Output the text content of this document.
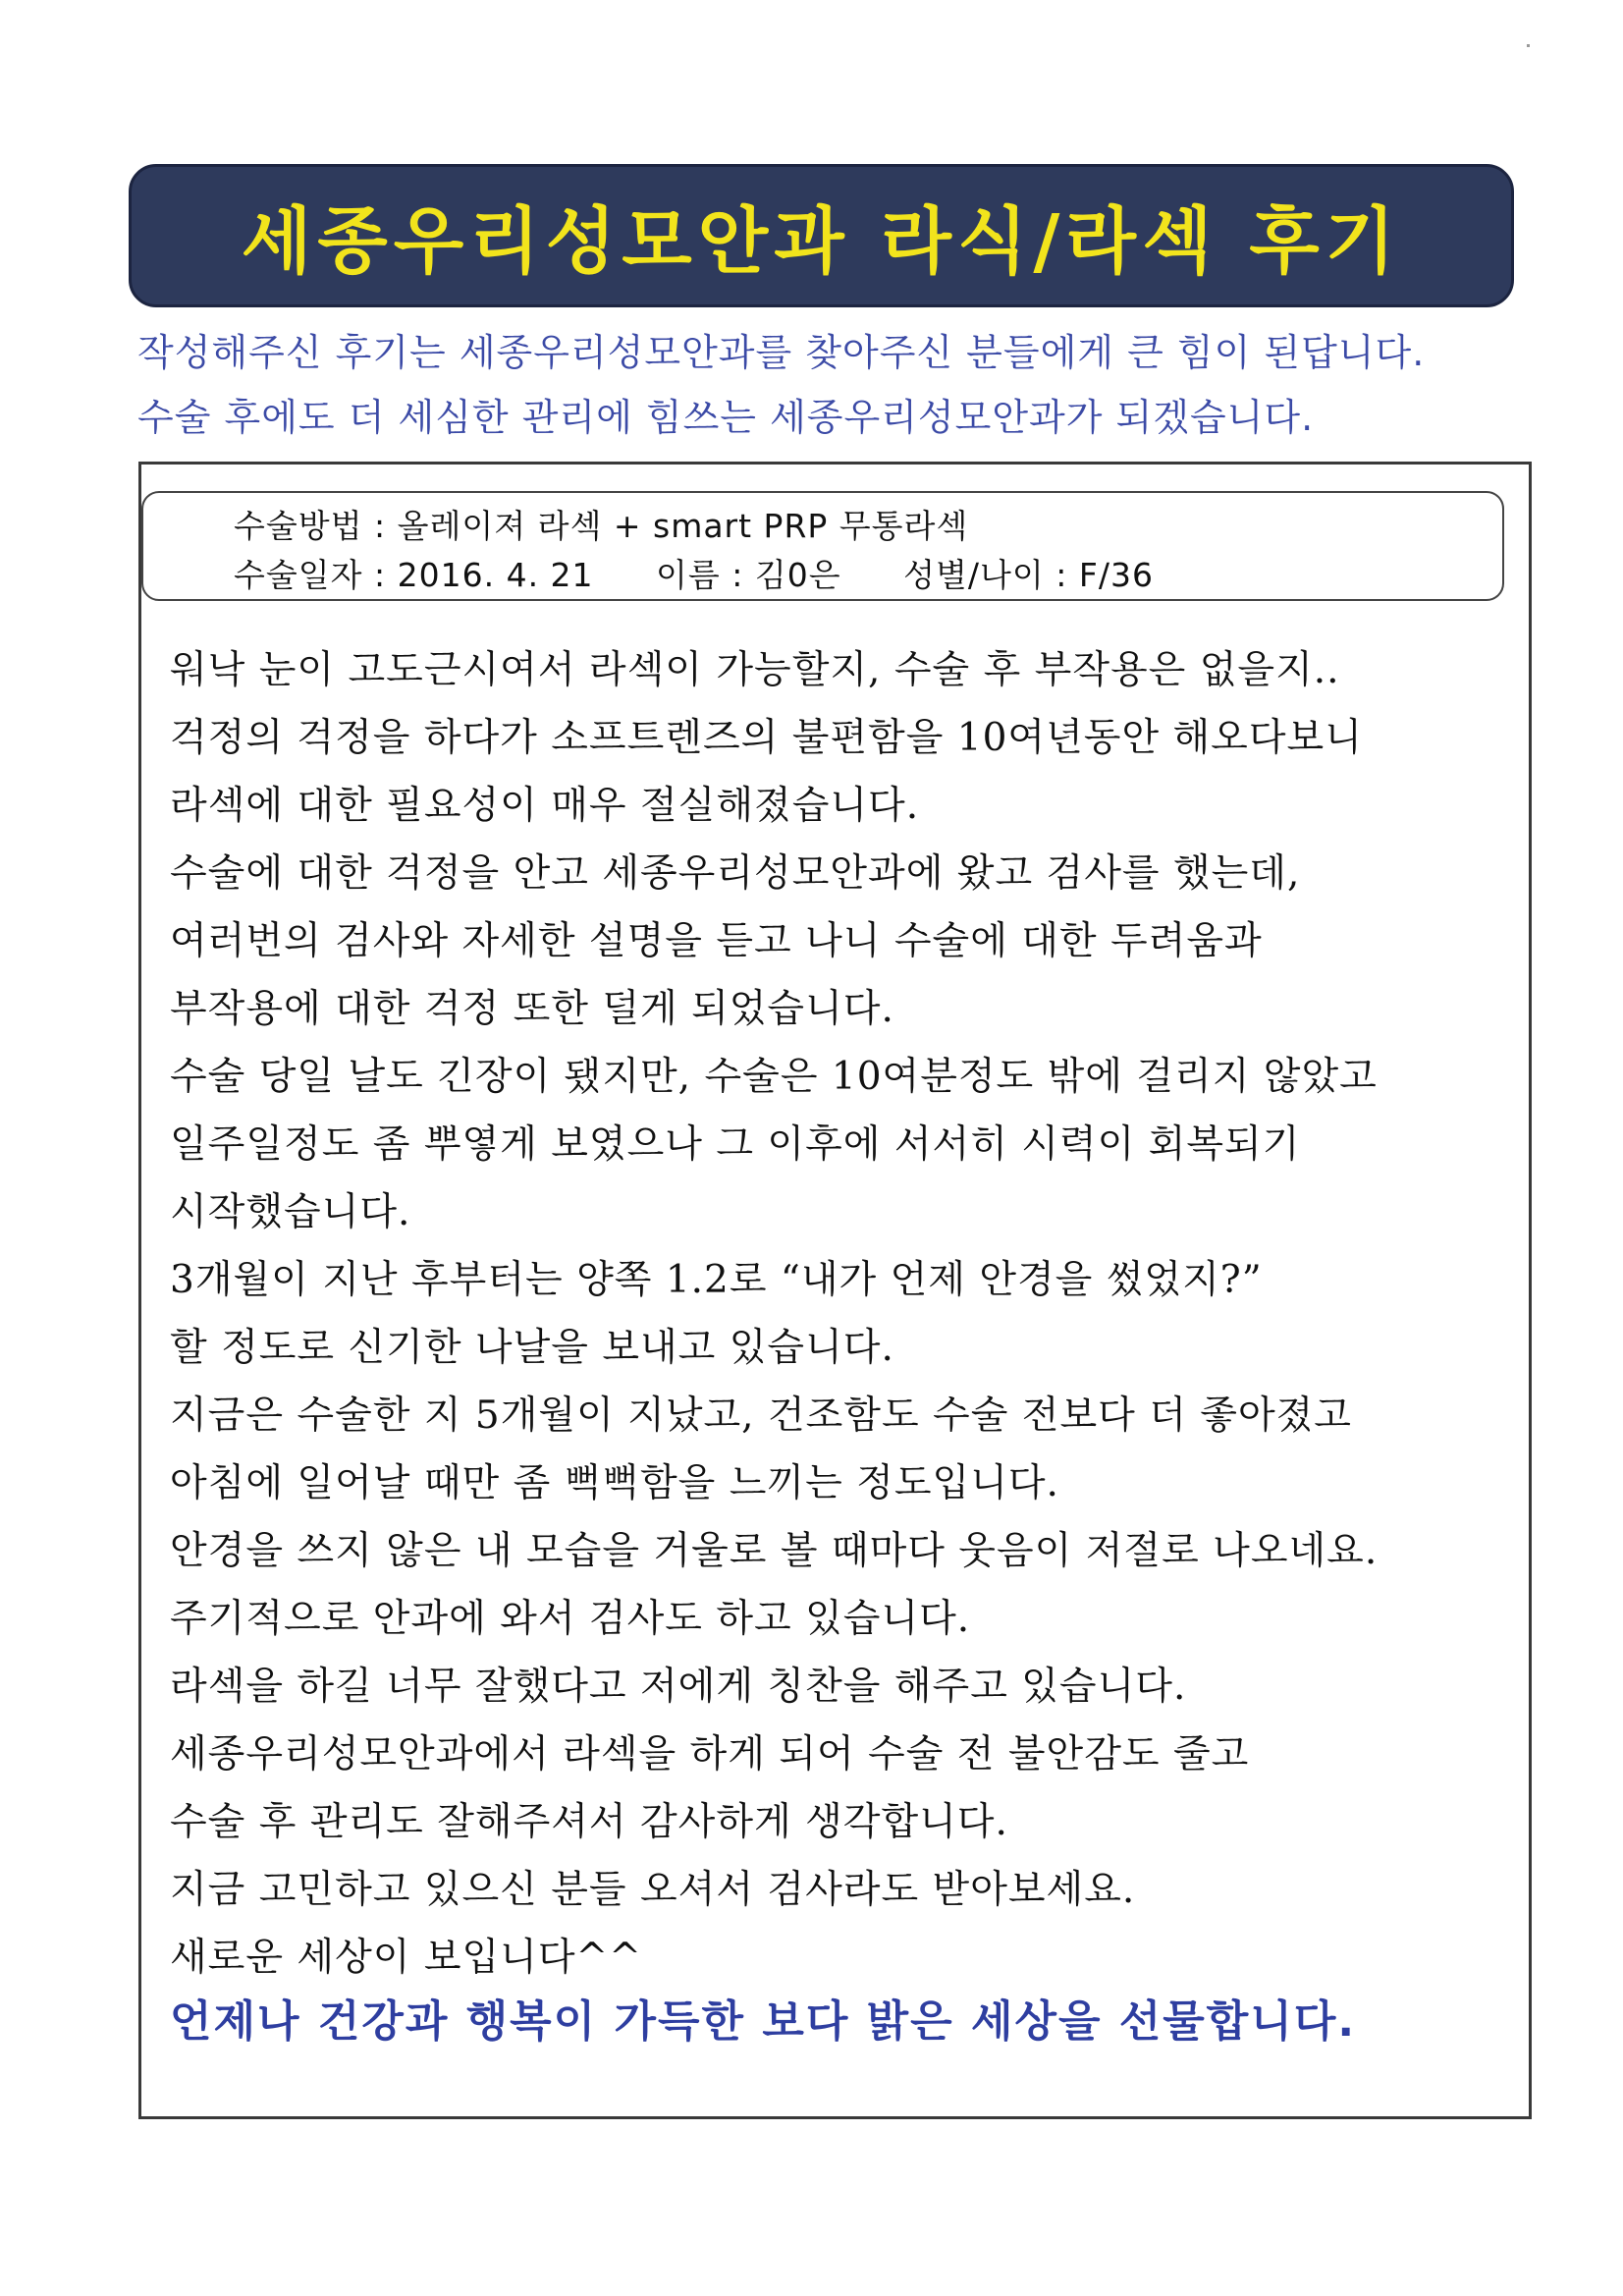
세종우리성모안과 라식/라섹 후기
작성해주신 후기는 세종우리성모안과를 찾아주신 분들에게 큰 힘이 된답니다.
수술 후에도 더 세심한 관리에 힘쓰는 세종우리성모안과가 되겠습니다.
수술방법 : 올레이져 라섹 + smart PRP 무통라섹
수술일자 : 2016. 4. 21 이름 : 김0은 성별/나이 : F/36
워낙 눈이 고도근시여서 라섹이 가능할지, 수술 후 부작용은 없을지..
걱정의 걱정을 하다가 소프트렌즈의 불편함을 10여년동안 해오다보니
라섹에 대한 필요성이 매우 절실해졌습니다.
수술에 대한 걱정을 안고 세종우리성모안과에 왔고 검사를 했는데,
여러번의 검사와 자세한 설명을 듣고 나니 수술에 대한 두려움과
부작용에 대한 걱정 또한 덜게 되었습니다.
수술 당일 날도 긴장이 됐지만, 수술은 10여분정도 밖에 걸리지 않았고
일주일정도 좀 뿌옇게 보였으나 그 이후에 서서히 시력이 회복되기
시작했습니다.
3개월이 지난 후부터는 양쪽 1.2로 “내가 언제 안경을 썼었지?”
할 정도로 신기한 나날을 보내고 있습니다.
지금은 수술한 지 5개월이 지났고, 건조함도 수술 전보다 더 좋아졌고
아침에 일어날 때만 좀 뻑뻑함을 느끼는 정도입니다.
안경을 쓰지 않은 내 모습을 거울로 볼 때마다 웃음이 저절로 나오네요.
주기적으로 안과에 와서 검사도 하고 있습니다.
라섹을 하길 너무 잘했다고 저에게 칭찬을 해주고 있습니다.
세종우리성모안과에서 라섹을 하게 되어 수술 전 불안감도 줄고
수술 후 관리도 잘해주셔서 감사하게 생각합니다.
지금 고민하고 있으신 분들 오셔서 검사라도 받아보세요.
새로운 세상이 보입니다^^
언제나 건강과 행복이 가득한 보다 밝은 세상을 선물합니다.
